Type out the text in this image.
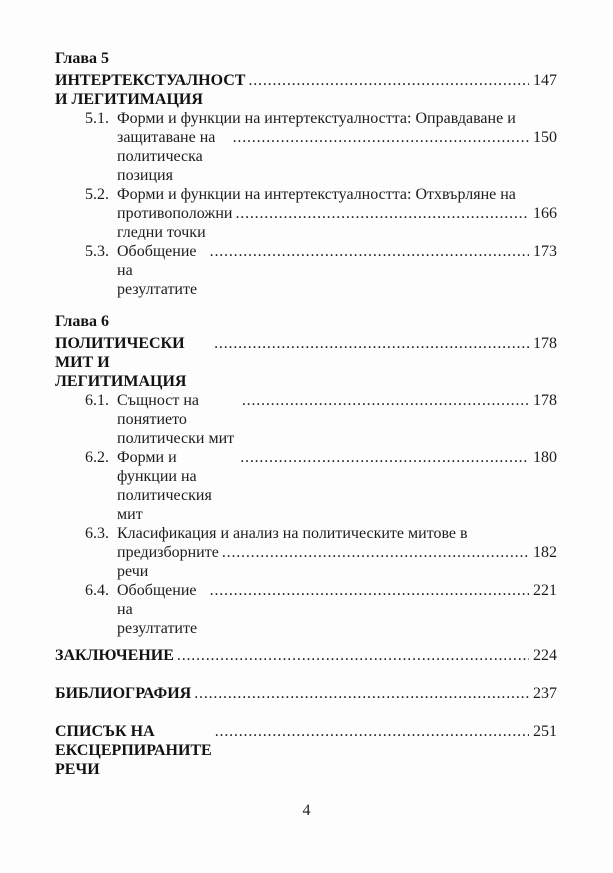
Глава 5
ИНТЕРТЕКСТУАЛНОСТ И ЛЕГИТИМАЦИЯ
.....
147
5.1. Форми и функции на интертекстуалността: Оправдаване и
защитаване на политическа позиция
.....
150
5.2. Форми и функции на интертекстуалността: Отхвърляне на
противоположни гледни точки
.....
166
5.3. Обобщение на резултатите
.....
173
Глава 6
ПОЛИТИЧЕСКИ МИТ И ЛЕГИТИМАЦИЯ
.....
178
6.1. Същност на понятието политически мит
.....
178
6.2. Форми и функции на политическия мит
.....
180
6.3. Класификация и анализ на политическите митове в
предизборните речи
.....
182
6.4. Обобщение на резултатите
.....
221
ЗАКЛЮЧЕНИЕ .....	224
БИБЛИОГРАФИЯ .....	237
СПИСЪК НА ЕКСЦЕРПИРАНИТЕ РЕЧИ
.....
251
4
